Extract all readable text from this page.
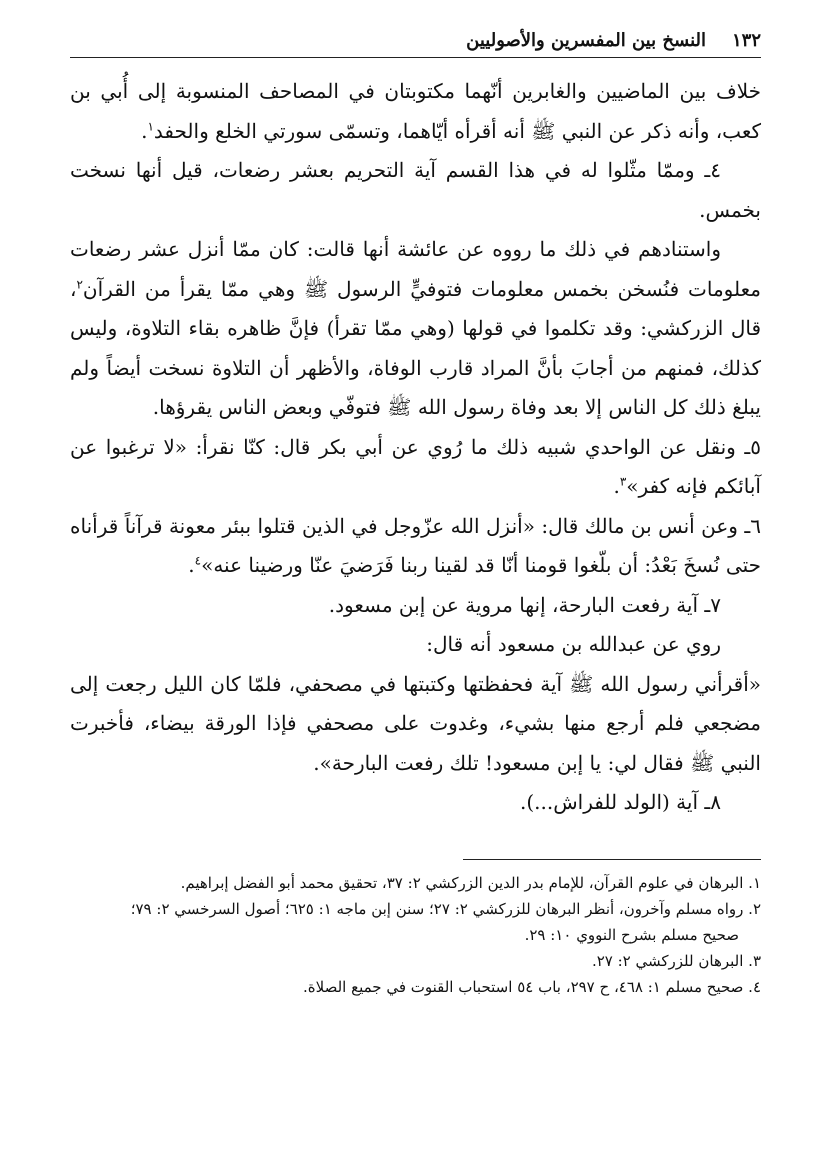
١٣٢
النسخ بين المفسرين والأصوليين

خلاف بين الماضيين والغابرين أنّهما مكتوبتان في المصاحف المنسوبة إلى أُبي بن كعب، وأنه ذكر عن النبي ﷺ أنه أقرأه أيّاهما، وتسمّى سورتي الخلع والحفد$^١$.

٤ـ وممّا مثّلوا له في هذا القسم آية التحريم بعشر رضعات، قيل أنها نسخت بخمس.

واستنادهم في ذلك ما رووه عن عائشة أنها قالت: كان ممّا أنزل عشر رضعات معلومات فنُسخن بخمس معلومات فتوفيٍّ الرسول ﷺ وهي ممّا يقرأ من القرآن$^٢$، قال الزركشي: وقد تكلموا في قولها (وهي ممّا تقرأ) فإنَّ ظاهره بقاء التلاوة، وليس كذلك، فمنهم من أجابَ بأنَّ المراد قارب الوفاة، والأظهر أن التلاوة نسخت أيضاً ولم يبلغ ذلك كل الناس إلا بعد وفاة رسول الله ﷺ فتوفّي وبعض الناس يقرؤها.

٥ـ ونقل عن الواحدي شبيه ذلك ما رُوي عن أبي بكر قال: كنّا نقرأ: «لا ترغبوا عن آبائكم فإنه كفر»$^٣$.

٦ـ وعن أنس بن مالك قال: «أنزل الله عزّوجل في الذين قتلوا ببئر معونة قرآناً قرأناه حتى نُسخَ بَعْدُ: أن بلّغوا قومنا أنّا قد لقينا ربنا فَرَضيَ عنّا ورضينا عنه»$^٤$.

٧ـ آية رفعت البارحة، إنها مروية عن إبن مسعود.

روي عن عبدالله بن مسعود أنه قال:

«أقرأني رسول الله ﷺ آية فحفظتها وكتبتها في مصحفي، فلمّا كان الليل رجعت إلى مضجعي فلم أرجع منها بشيء، وغدوت على مصحفي فإذا الورقة بيضاء، فأخبرت النبي ﷺ فقال لي: يا إبن مسعود! تلك رفعت البارحة».

٨ـ آية (الولد للفراش...).

١. البرهان في علوم القرآن، للإمام بدر الدين الزركشي ٢: ٣٧، تحقيق محمد أبو الفضل إبراهيم.

٢. رواه مسلم وآخرون، أنظر البرهان للزركشي ٢: ٢٧؛ سنن إبن ماجه ١: ٦٢٥؛ أصول السرخسي ٢: ٧٩؛

صحيح مسلم بشرح النووي ١٠: ٢٩.

٣. البرهان للزركشي ٢: ٢٧.

٤. صحيح مسلم ١: ٤٦٨، ح ٢٩٧، باب ٥٤ استحباب القنوت في جميع الصلاة.
